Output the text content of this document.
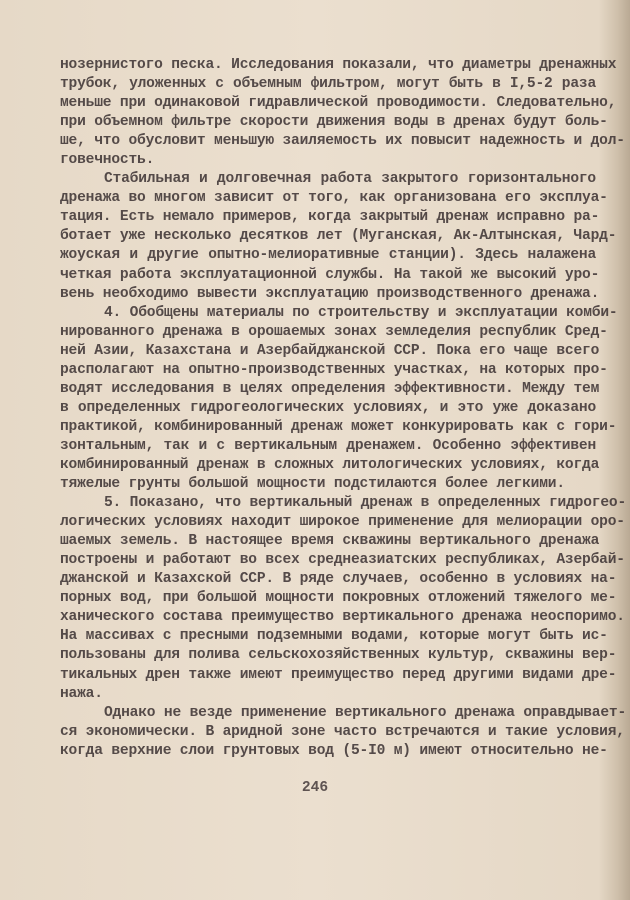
нозернистого песка. Исследования показали, что диаметры дренажных
трубок, уложенных с объемным фильтром, могут быть в I,5-2 раза
меньше при одинаковой гидравлической проводимости. Следовательно,
при объемном фильтре скорости движения воды в дренах будут боль-
ше, что обусловит меньшую заиляемость их повысит надежность и дол-
говечность.
Стабильная и долговечная работа закрытого горизонтального
дренажа во многом зависит от того, как организована его эксплуа-
тация. Есть немало примеров, когда закрытый дренаж исправно ра-
ботает уже несколько десятков лет (Муганская, Ак-Алтынская, Чард-
жоуская и другие опытно-мелиоративные станции). Здесь налажена
четкая работа эксплуатационной службы. На такой же высокий уро-
вень необходимо вывести эксплуатацию производственного дренажа.
4. Обобщены материалы по строительству и эксплуатации комби-
нированного дренажа в орошаемых зонах земледелия республик Сред-
ней Азии, Казахстана и Азербайджанской ССР. Пока его чаще всего
располагают на опытно-производственных участках, на которых про-
водят исследования в целях определения эффективности. Между тем
в определенных гидрогеологических условиях, и это уже доказано
практикой, комбинированный дренаж может конкурировать как с гори-
зонтальным, так и с вертикальным дренажем. Особенно эффективен
комбинированный дренаж в сложных литологических условиях, когда
тяжелые грунты большой мощности подстилаются более легкими.
5. Показано, что вертикальный дренаж в определенных гидрогео-
логических условиях находит широкое применение для мелиорации оро-
шаемых земель. В настоящее время скважины вертикального дренажа
построены и работают во всех среднеазиатских республиках, Азербай-
джанской и Казахской ССР. В ряде случаев, особенно в условиях на-
порных вод, при большой мощности покровных отложений тяжелого ме-
ханического состава преимущество вертикального дренажа неоспоримо.
На массивах с пресными подземными водами, которые могут быть ис-
пользованы для полива сельскохозяйственных культур, скважины вер-
тикальных дрен также имеют преимущество перед другими видами дре-
нажа.
Однако не везде применение вертикального дренажа оправдывает-
ся экономически. В аридной зоне часто встречаются и такие условия,
когда верхние слои грунтовых вод (5-I0 м) имеют относительно не-
246
